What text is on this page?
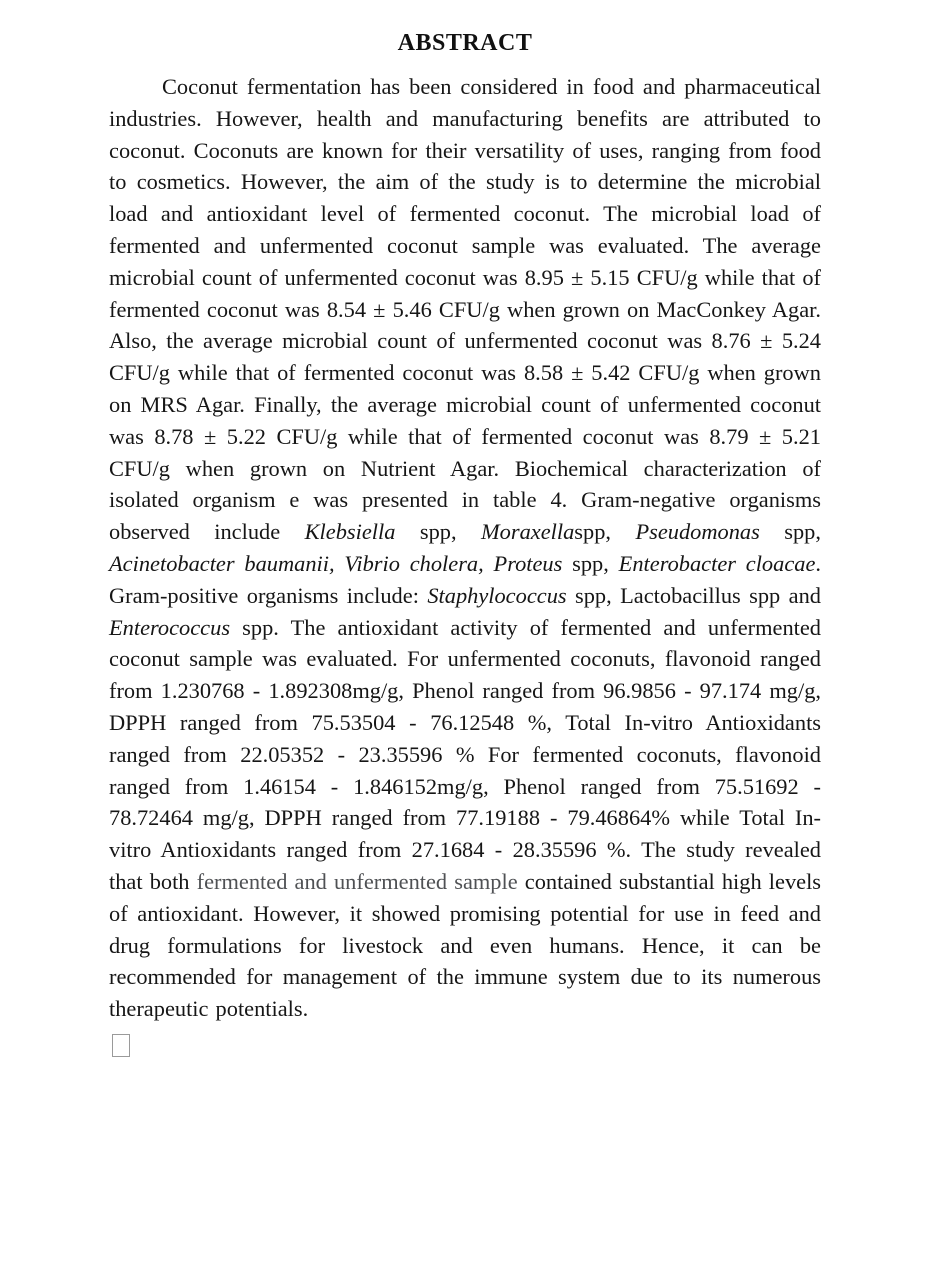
ABSTRACT

Coconut fermentation has been considered in food and pharmaceutical industries. However, health and manufacturing benefits are attributed to coconut. Coconuts are known for their versatility of uses, ranging from food to cosmetics. However, the aim of the study is to determine the microbial load and antioxidant level of fermented coconut. The microbial load of fermented and unfermented coconut sample was evaluated. The average microbial count of unfermented coconut was 8.95 ± 5.15 CFU/g while that of fermented coconut was 8.54 ± 5.46 CFU/g when grown on MacConkey Agar. Also, the average microbial count of unfermented coconut was 8.76 ± 5.24 CFU/g while that of fermented coconut was 8.58 ± 5.42 CFU/g when grown on MRS Agar. Finally, the average microbial count of unfermented coconut was 8.78 ± 5.22 CFU/g while that of fermented coconut was 8.79 ± 5.21 CFU/g when grown on Nutrient Agar. Biochemical characterization of isolated organism e was presented in table 4. Gram-negative organisms observed include Klebsiella spp, Moraxellaspp, Pseudomonas spp, Acinetobacter baumanii, Vibrio cholera, Proteus spp, Enterobacter cloacae. Gram-positive organisms include: Staphylococcus spp, Lactobacillus spp and Enterococcus spp. The antioxidant activity of fermented and unfermented coconut sample was evaluated. For unfermented coconuts, flavonoid ranged from 1.230768 - 1.892308mg/g, Phenol ranged from 96.9856 - 97.174 mg/g, DPPH ranged from 75.53504 - 76.12548 %, Total In-vitro Antioxidants ranged from 22.05352 - 23.35596 % For fermented coconuts, flavonoid ranged from 1.46154 - 1.846152mg/g, Phenol ranged from 75.51692 - 78.72464 mg/g, DPPH ranged from 77.19188 - 79.46864% while Total In-vitro Antioxidants ranged from 27.1684 - 28.35596 %. The study revealed that both fermented and unfermented sample contained substantial high levels of antioxidant. However, it showed promising potential for use in feed and drug formulations for livestock and even humans. Hence, it can be recommended for management of the immune system due to its numerous therapeutic potentials.
